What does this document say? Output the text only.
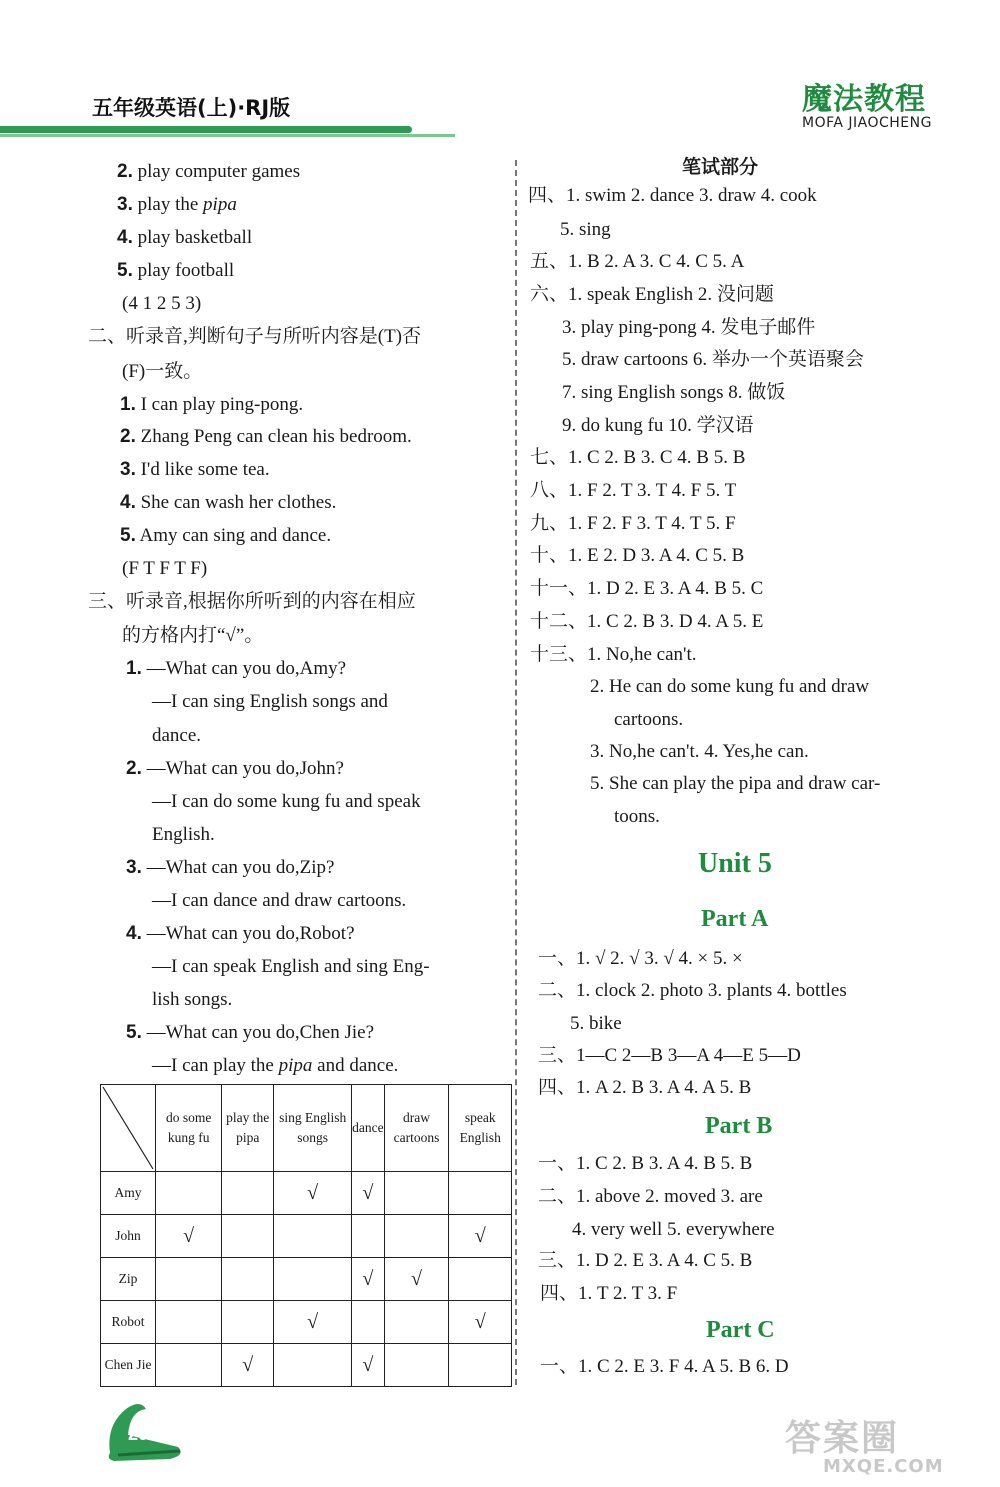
五年级英语(上)·RJ版	魔法教程
MOFA JIAOCHENG
2. play computer games
3. play the pipa
4. play basketball
5. play football
(4 1 2 5 3)
二、听录音,判断句子与所听内容是(T)否
(F)一致。
1. I can play ping-pong.
2. Zhang Peng can clean his bedroom.
3. I'd like some tea.
4. She can wash her clothes.
5. Amy can sing and dance.
(F T F T F)
三、听录音,根据你所听到的内容在相应
的方格内打“√”。
1. —What can you do,Amy?
—I can sing English songs and
dance.
2. —What can you do,John?
—I can do some kung fu and speak
English.
3. —What can you do,Zip?
—I can dance and draw cartoons.
4. —What can you do,Robot?
—I can speak English and sing Eng-
lish songs.
5. —What can you do,Chen Jie?
—I can play the pipa and dance.
	do some kung fu	play the pipa	sing English songs	dance	draw cartoons	speak English
Amy			√	√		
John	√					√
Zip				√	√	
Robot			√			√
Chen Jie		√		√		
208
笔试部分
四、1. swim 2. dance 3. draw 4. cook
5. sing
五、1. B 2. A 3. C 4. C 5. A
六、1. speak English 2. 没问题
3. play ping-pong 4. 发电子邮件
5. draw cartoons 6. 举办一个英语聚会
7. sing English songs 8. 做饭
9. do kung fu 10. 学汉语
七、1. C 2. B 3. C 4. B 5. B
八、1. F 2. T 3. T 4. F 5. T
九、1. F 2. F 3. T 4. T 5. F
十、1. E 2. D 3. A 4. C 5. B
十一、1. D 2. E 3. A 4. B 5. C
十二、1. C 2. B 3. D 4. A 5. E
十三、1. No,he can't.
2. He can do some kung fu and draw
cartoons.
3. No,he can't. 4. Yes,he can.
5. She can play the pipa and draw car-
toons.
Unit 5
Part A
一、1. √ 2. √ 3. √ 4. × 5. ×
二、1. clock 2. photo 3. plants 4. bottles
5. bike
三、1—C 2—B 3—A 4—E 5—D
四、1. A 2. B 3. A 4. A 5. B
Part B
一、1. C 2. B 3. A 4. B 5. B
二、1. above 2. moved 3. are
4. very well 5. everywhere
三、1. D 2. E 3. A 4. C 5. B
四、1. T 2. T 3. F
Part C
一、1. C 2. E 3. F 4. A 5. B 6. D
答案圈
MXQE.COM
